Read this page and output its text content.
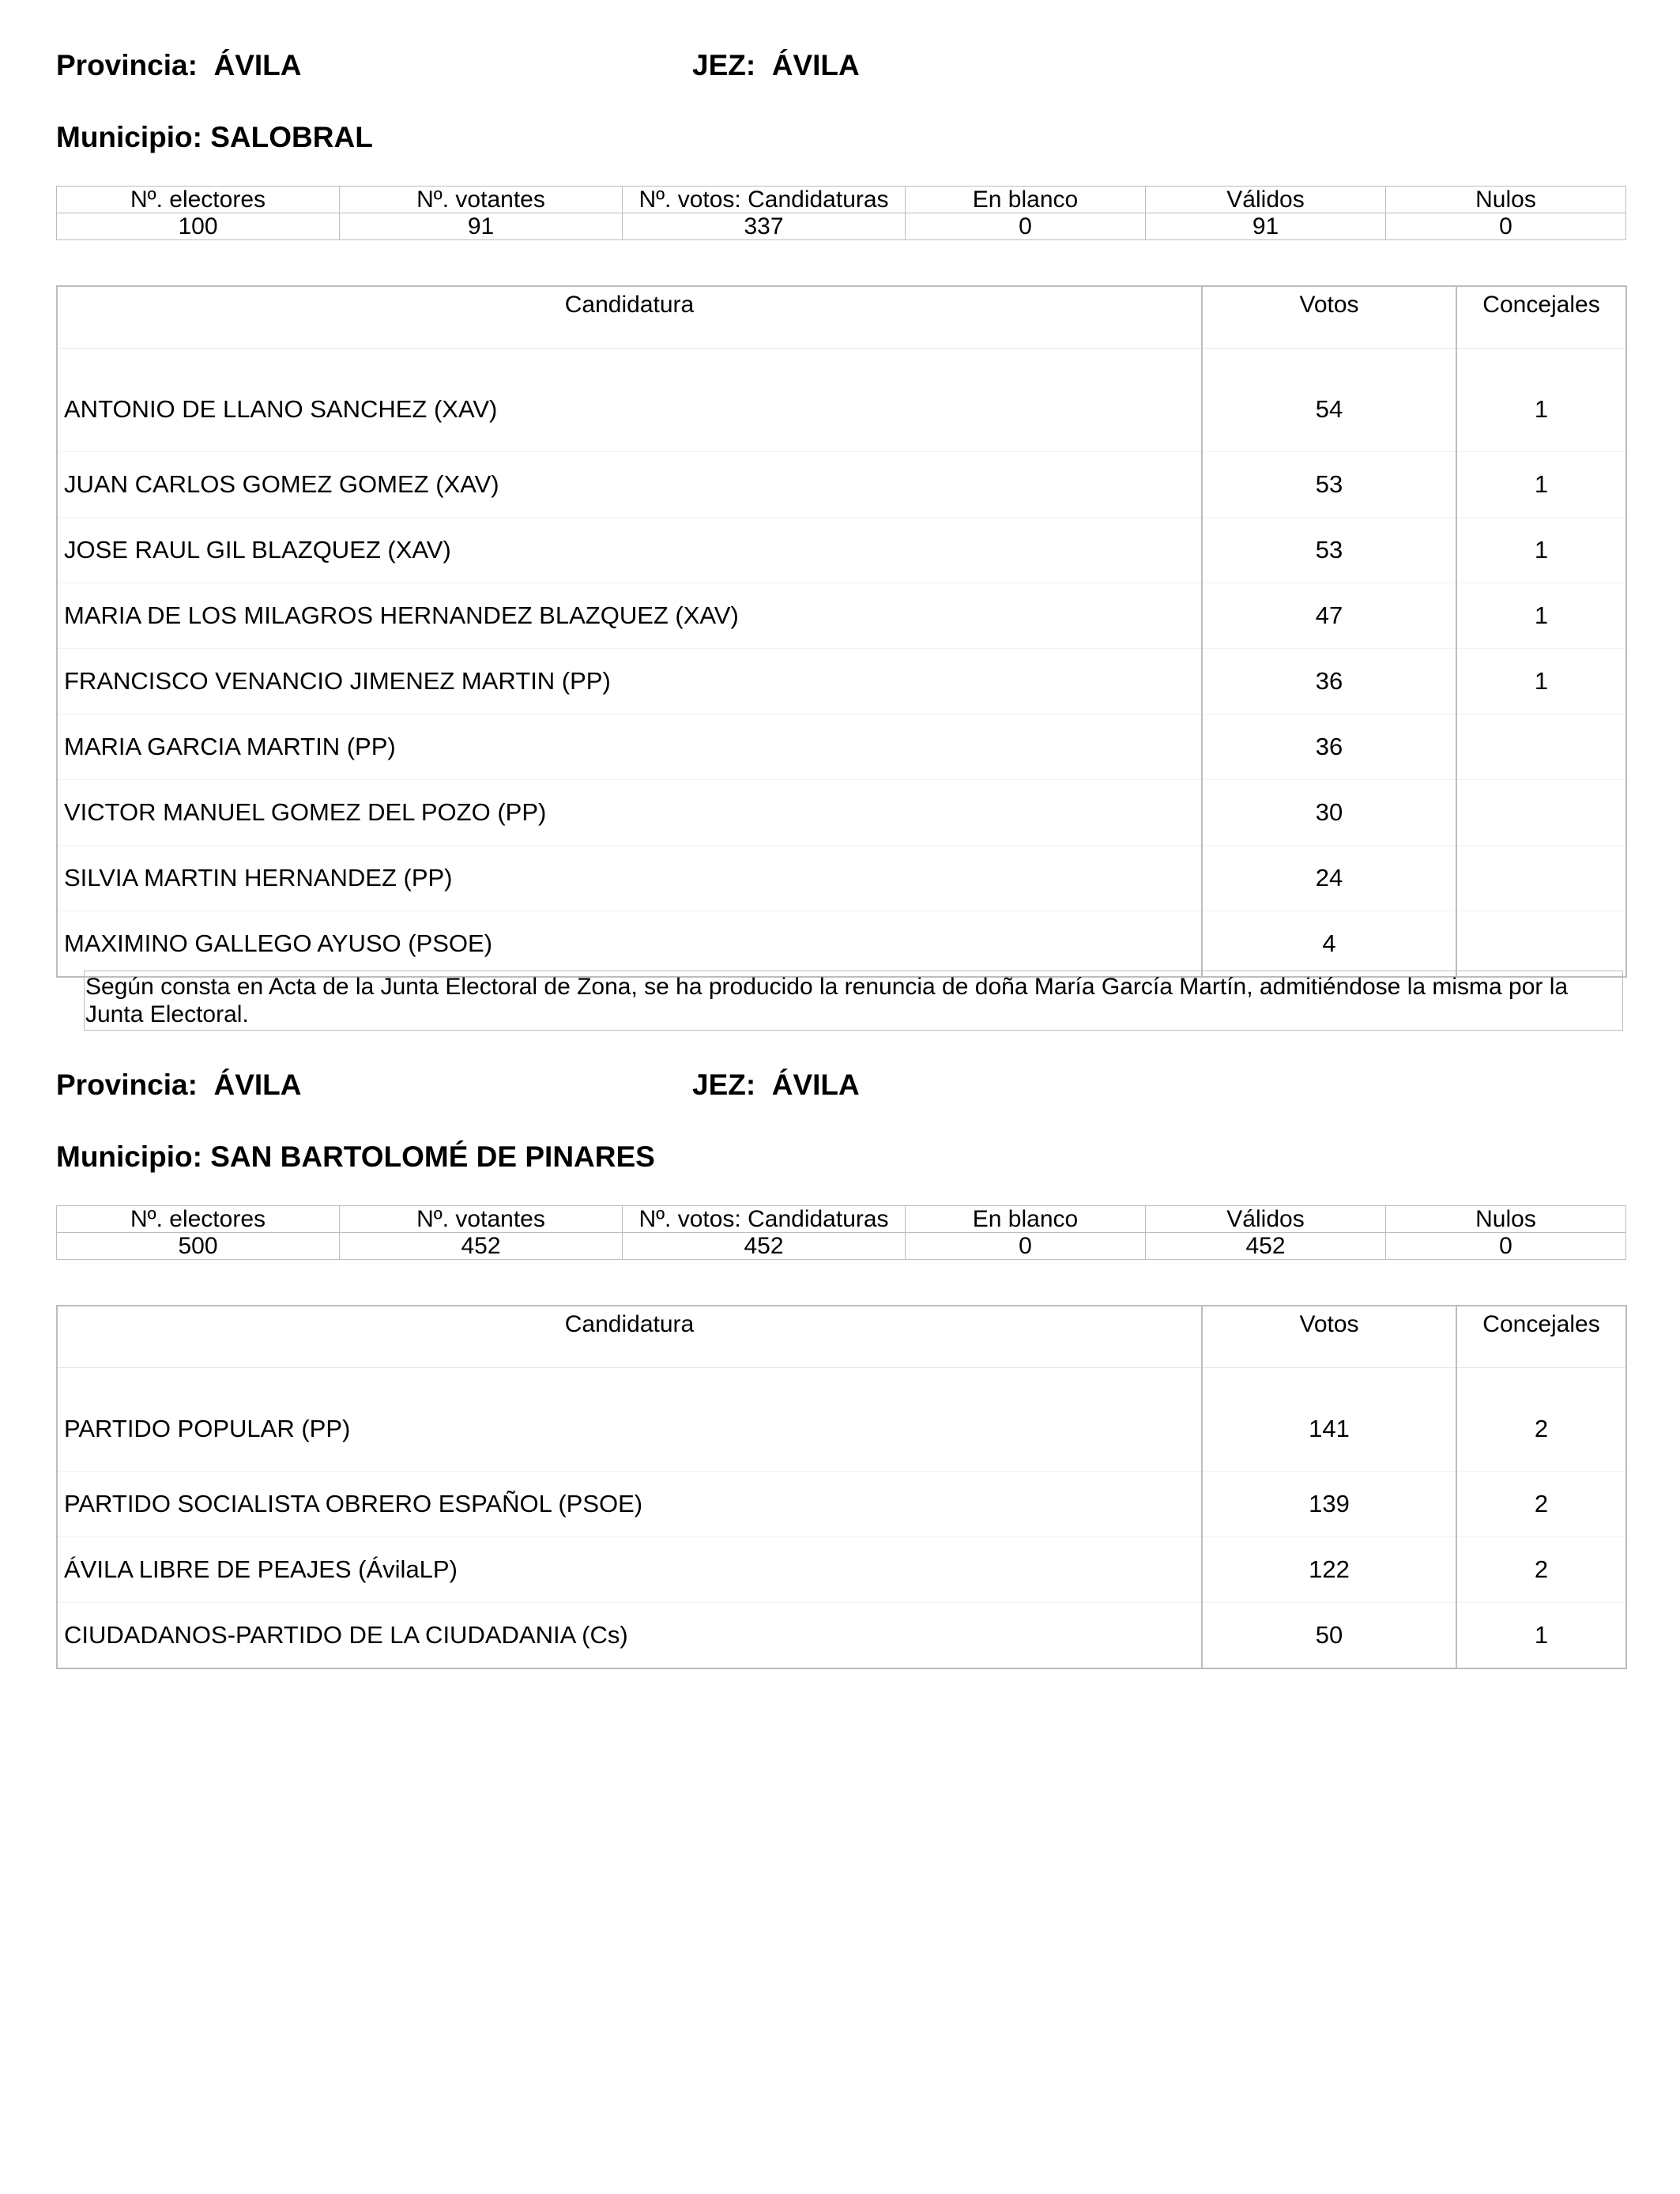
Provincia: ÁVILA	JEZ: ÁVILA
Municipio: SALOBRAL
Nº. electores	Nº. votantes	Nº. votos: Candidaturas	En blanco	Válidos	Nulos
100	91	337	0	91	0
Candidatura	Votos	Concejales
ANTONIO DE LLANO SANCHEZ (XAV)	54	1
JUAN CARLOS GOMEZ GOMEZ (XAV)	53	1
JOSE RAUL GIL BLAZQUEZ (XAV)	53	1
MARIA DE LOS MILAGROS HERNANDEZ BLAZQUEZ (XAV)	47	1
FRANCISCO VENANCIO JIMENEZ MARTIN (PP)	36	1
MARIA GARCIA MARTIN (PP)	36	
VICTOR MANUEL GOMEZ DEL POZO (PP)	30	
SILVIA MARTIN HERNANDEZ (PP)	24	
MAXIMINO GALLEGO AYUSO (PSOE)	4	
Según consta en Acta de la Junta Electoral de Zona, se ha producido la renuncia de doña María García Martín, admitiéndose la misma por la Junta Electoral.
Provincia: ÁVILA	JEZ: ÁVILA
Municipio: SAN BARTOLOMÉ DE PINARES
Nº. electores	Nº. votantes	Nº. votos: Candidaturas	En blanco	Válidos	Nulos
500	452	452	0	452	0
Candidatura	Votos	Concejales
PARTIDO POPULAR (PP)	141	2
PARTIDO SOCIALISTA OBRERO ESPAÑOL (PSOE)	139	2
ÁVILA LIBRE DE PEAJES (ÁvilaLP)	122	2
CIUDADANOS-PARTIDO DE LA CIUDADANIA (Cs)	50	1
